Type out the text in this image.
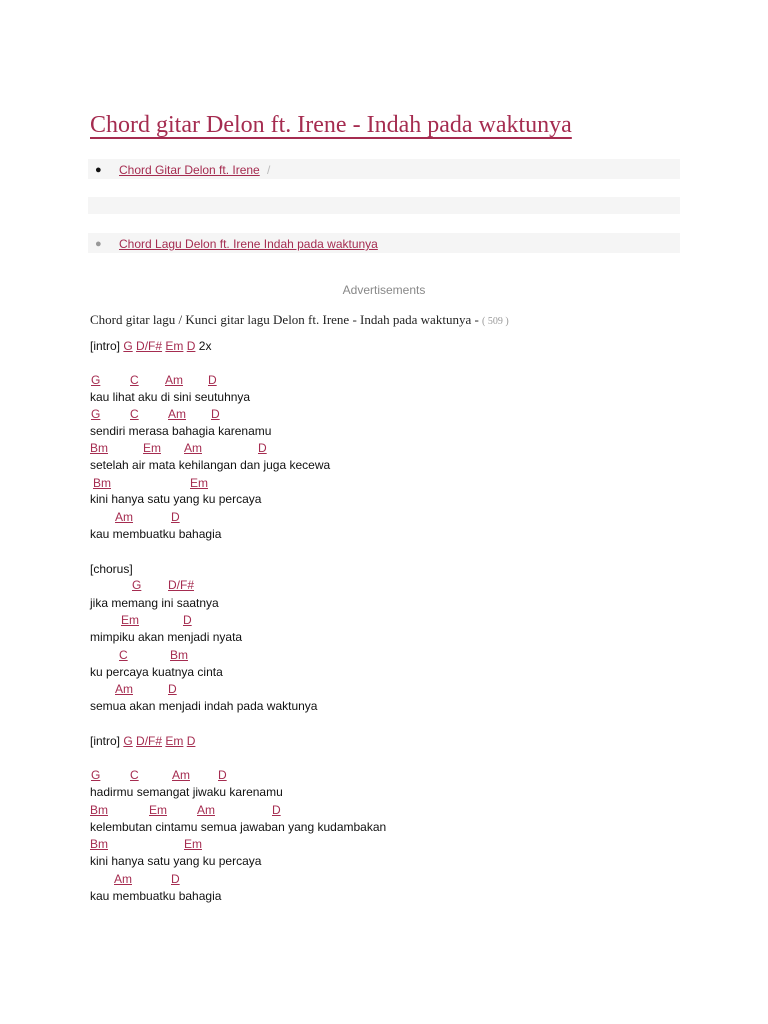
Chord gitar Delon ft. Irene - Indah pada waktunya
● Chord Gitar Delon ft. Irene /
● Chord Lagu Delon ft. Irene Indah pada waktunya
Advertisements
Chord gitar lagu / Kunci gitar lagu Delon ft. Irene - Indah pada waktunya - ( 509 )
[intro] G D/F# Em D 2x
G C Am D
kau lihat aku di sini seutuhnya
G C Am D
sendiri merasa bahagia karenamu
Bm	Em Am	D
setelah air mata kehilangan dan juga kecewa
Bm	Em
kini hanya satu yang ku percaya
Am	D
kau membuatku bahagia
[chorus]
G D/F#
jika memang ini saatnya
Em	D
mimpiku akan menjadi nyata
C	Bm
ku percaya kuatnya cinta
Am	D
semua akan menjadi indah pada waktunya
[intro] G D/F# Em D
G C	Am D
hadirmu semangat jiwaku karenamu
Bm	Em	Am	D
kelembutan cintamu semua jawaban yang kudambakan
Bm	Em
kini hanya satu yang ku percaya
Am	D
kau membuatku bahagia
